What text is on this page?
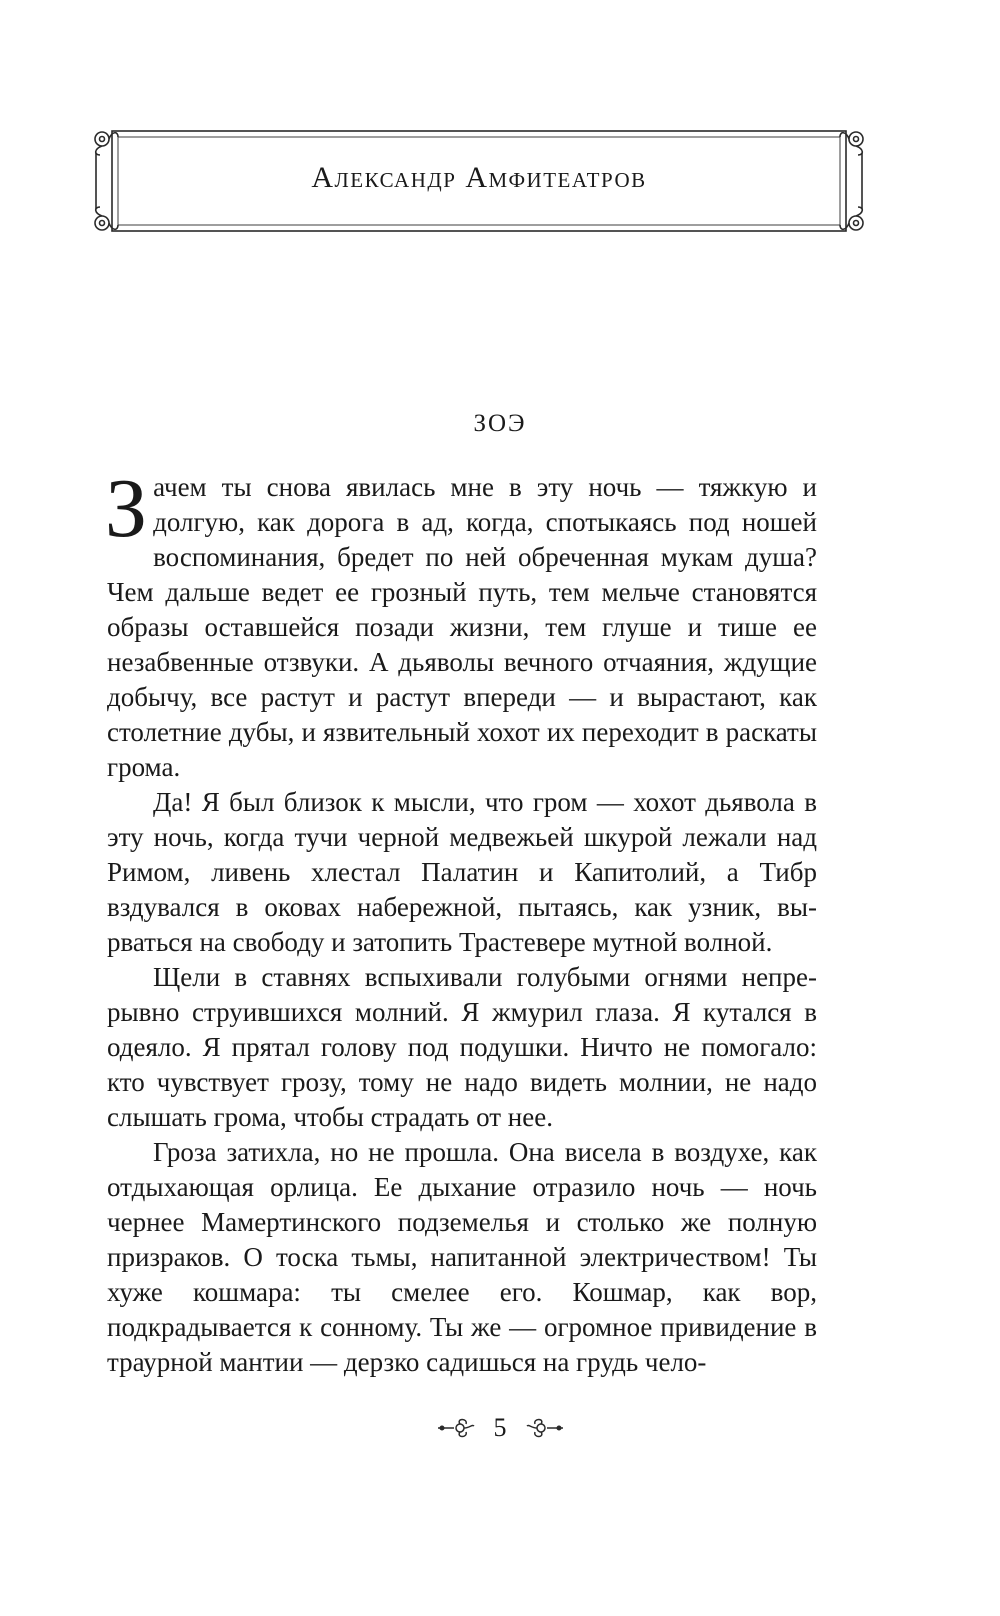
Александр Амфитеатров
зоэ

Зачем ты снова явилась мне в эту ночь — тяжкую и долгую, как дорога в ад, когда, спотыкаясь под ношей воспоминания, бредет по ней обреченная мукам душа? Чем дальше ведет ее грозный путь, тем мельче становятся образы оставшейся позади жизни, тем глуше и тише ее незабвенные отзвуки. А дьяволы вечного отчаяния, ждущие добычу, все растут и растут впереди — и вырастают, как столетние дубы, и язвительный хохот их переходит в раскаты грома.

Да! Я был близок к мысли, что гром — хохот дьявола в эту ночь, когда тучи черной медвежьей шкурой лежали над Римом, ливень хлестал Палатин и Капитолий, а Тибр вздувался в оковах набережной, пытаясь, как узник, вырваться на свободу и затопить Трастевере мутной волной.

Щели в ставнях вспыхивали голубыми огнями непрерывно струившихся молний. Я жмурил глаза. Я кутался в одеяло. Я прятал голову под подушки. Ничто не помогало: кто чувствует грозу, тому не надо видеть молнии, не надо слышать грома, чтобы страдать от нее.

Гроза затихла, но не прошла. Она висела в воздухе, как отдыхающая орлица. Ее дыхание отразило ночь — ночь чернее Мамертинского подземелья и столько же полную призраков. О тоска тьмы, напитанной электричеством! Ты хуже кошмара: ты смелее его. Кошмар, как вор, подкрадывается к сонному. Ты же — огромное привидение в траурной мантии — дерзко садишься на грудь чело-

5
